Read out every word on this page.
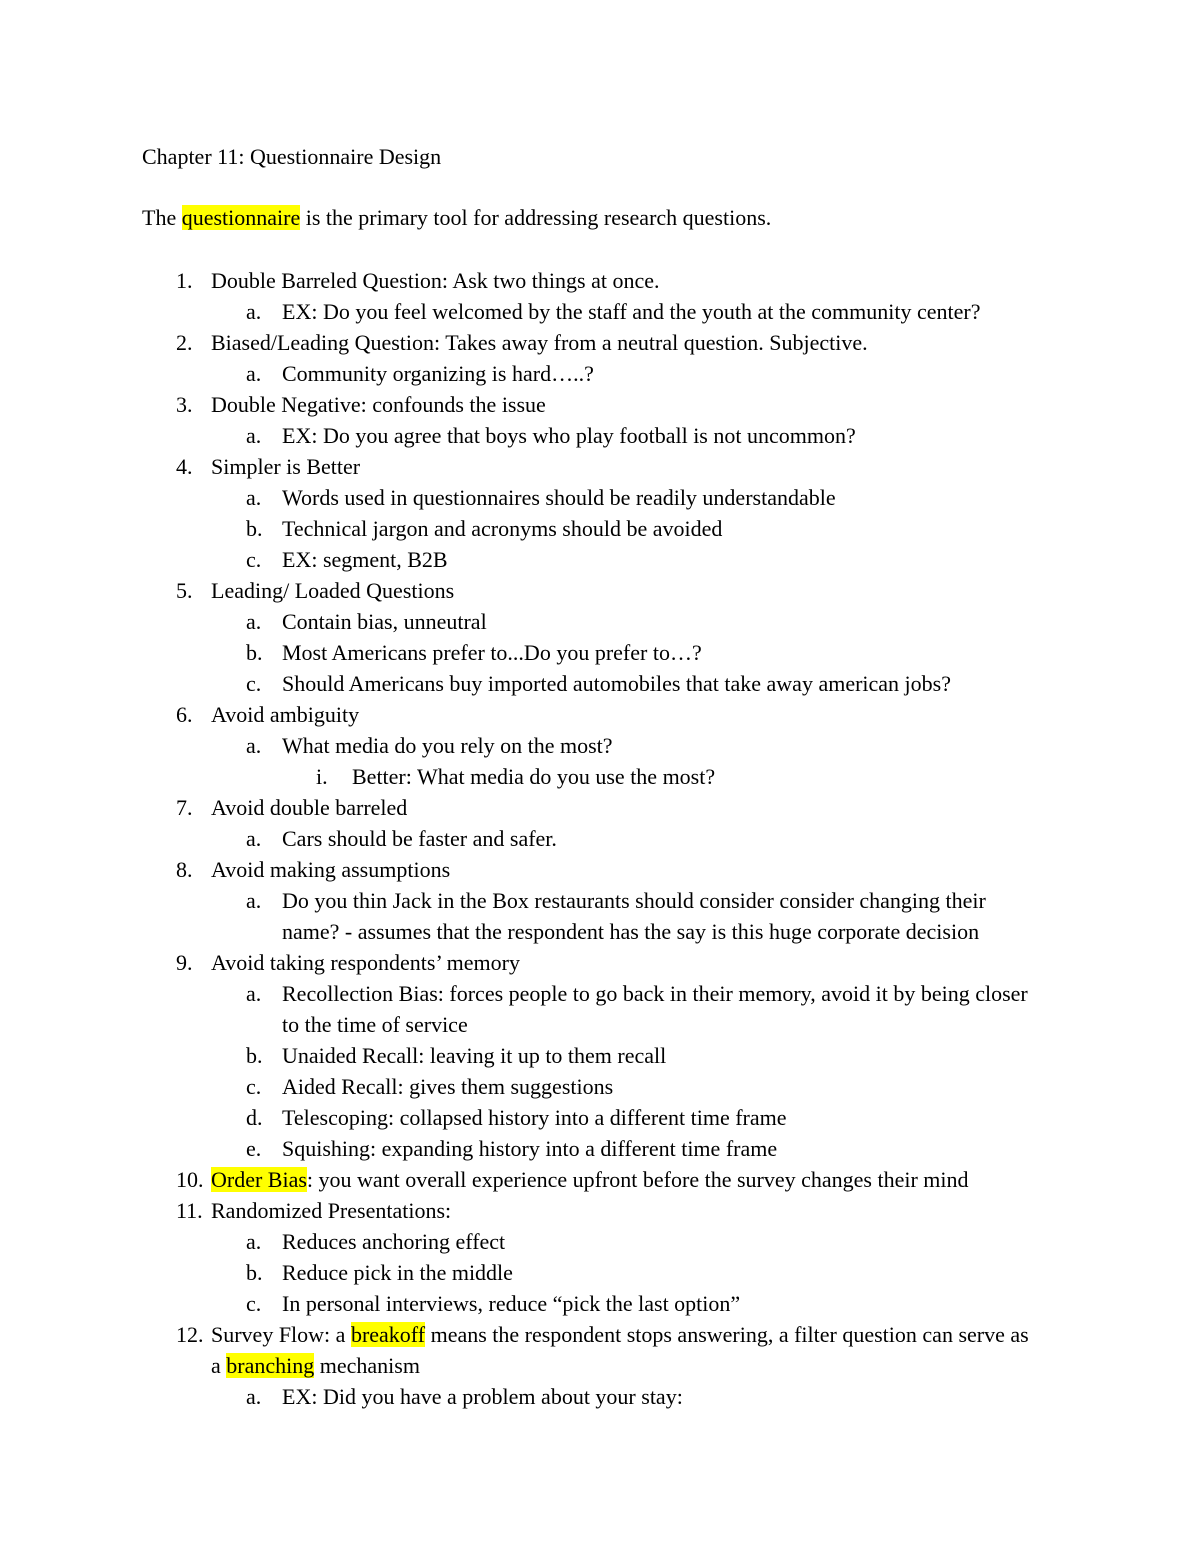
Chapter 11: Questionnaire Design
The questionnaire is the primary tool for addressing research questions.
1. Double Barreled Question: Ask two things at once.
a. EX: Do you feel welcomed by the staff and the youth at the community center?
2. Biased/Leading Question: Takes away from a neutral question. Subjective.
a. Community organizing is hard…..?
3. Double Negative: confounds the issue
a. EX: Do you agree that boys who play football is not uncommon?
4. Simpler is Better
a. Words used in questionnaires should be readily understandable
b. Technical jargon and acronyms should be avoided
c. EX: segment, B2B
5. Leading/ Loaded Questions
a. Contain bias, unneutral
b. Most Americans prefer to...Do you prefer to…?
c. Should Americans buy imported automobiles that take away american jobs?
6. Avoid ambiguity
a. What media do you rely on the most?
i. Better: What media do you use the most?
7. Avoid double barreled
a. Cars should be faster and safer.
8. Avoid making assumptions
a. Do you thin Jack in the Box restaurants should consider consider changing their name? - assumes that the respondent has the say is this huge corporate decision
9. Avoid taking respondents’ memory
a. Recollection Bias: forces people to go back in their memory, avoid it by being closer to the time of service
b. Unaided Recall: leaving it up to them recall
c. Aided Recall: gives them suggestions
d. Telescoping: collapsed history into a different time frame
e. Squishing: expanding history into a different time frame
10. Order Bias: you want overall experience upfront before the survey changes their mind
11. Randomized Presentations:
a. Reduces anchoring effect
b. Reduce pick in the middle
c. In personal interviews, reduce “pick the last option”
12. Survey Flow: a breakoff means the respondent stops answering, a filter question can serve as a branching mechanism
a. EX: Did you have a problem about your stay:
